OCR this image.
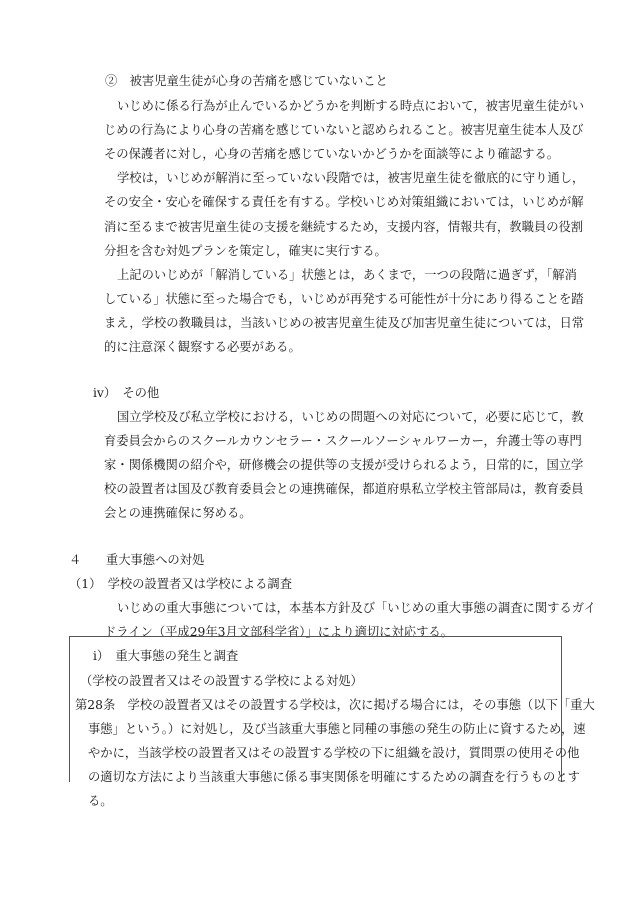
②　被害児童生徒が心身の苦痛を感じていないこと

いじめに係る行為が止んでいるかどうかを判断する時点において，被害児童生徒がい

じめの行為により心身の苦痛を感じていないと認められること。被害児童生徒本人及び

その保護者に対し，心身の苦痛を感じていないかどうかを面談等により確認する。

学校は，いじめが解消に至っていない段階では，被害児童生徒を徹底的に守り通し，

その安全・安心を確保する責任を有する。学校いじめ対策組織においては，いじめが解

消に至るまで被害児童生徒の支援を継続するため，支援内容，情報共有，教職員の役割

分担を含む対処プランを策定し，確実に実行する。

上記のいじめが「解消している」状態とは，あくまで，一つの段階に過ぎず，「解消

している」状態に至った場合でも，いじめが再発する可能性が十分にあり得ることを踏

まえ，学校の教職員は，当該いじめの被害児童生徒及び加害児童生徒については，日常

的に注意深く観察する必要がある。

ⅳ）　その他

国立学校及び私立学校における，いじめの問題への対応について，必要に応じて，教

育委員会からのスクールカウンセラー・スクールソーシャルワーカー，弁護士等の専門

家・関係機関の紹介や，研修機会の提供等の支援が受けられるよう，日常的に，国立学

校の設置者は国及び教育委員会との連携確保，都道府県私立学校主管部局は，教育委員

会との連携確保に努める。

４　　重大事態への対処

（1）　学校の設置者又は学校による調査

いじめの重大事態については，本基本方針及び「いじめの重大事態の調査に関するガイ

ドライン（平成29年3月文部科学省）」により適切に対応する。

ⅰ）　重大事態の発生と調査

（学校の設置者又はその設置する学校による対処）

第28条　学校の設置者又はその設置する学校は，次に掲げる場合には，その事態（以下「重大

事態」という。）に対処し，及び当該重大事態と同種の事態の発生の防止に資するため，速

やかに，当該学校の設置者又はその設置する学校の下に組織を設け，質問票の使用その他

の適切な方法により当該重大事態に係る事実関係を明確にするための調査を行うものとす

る。
